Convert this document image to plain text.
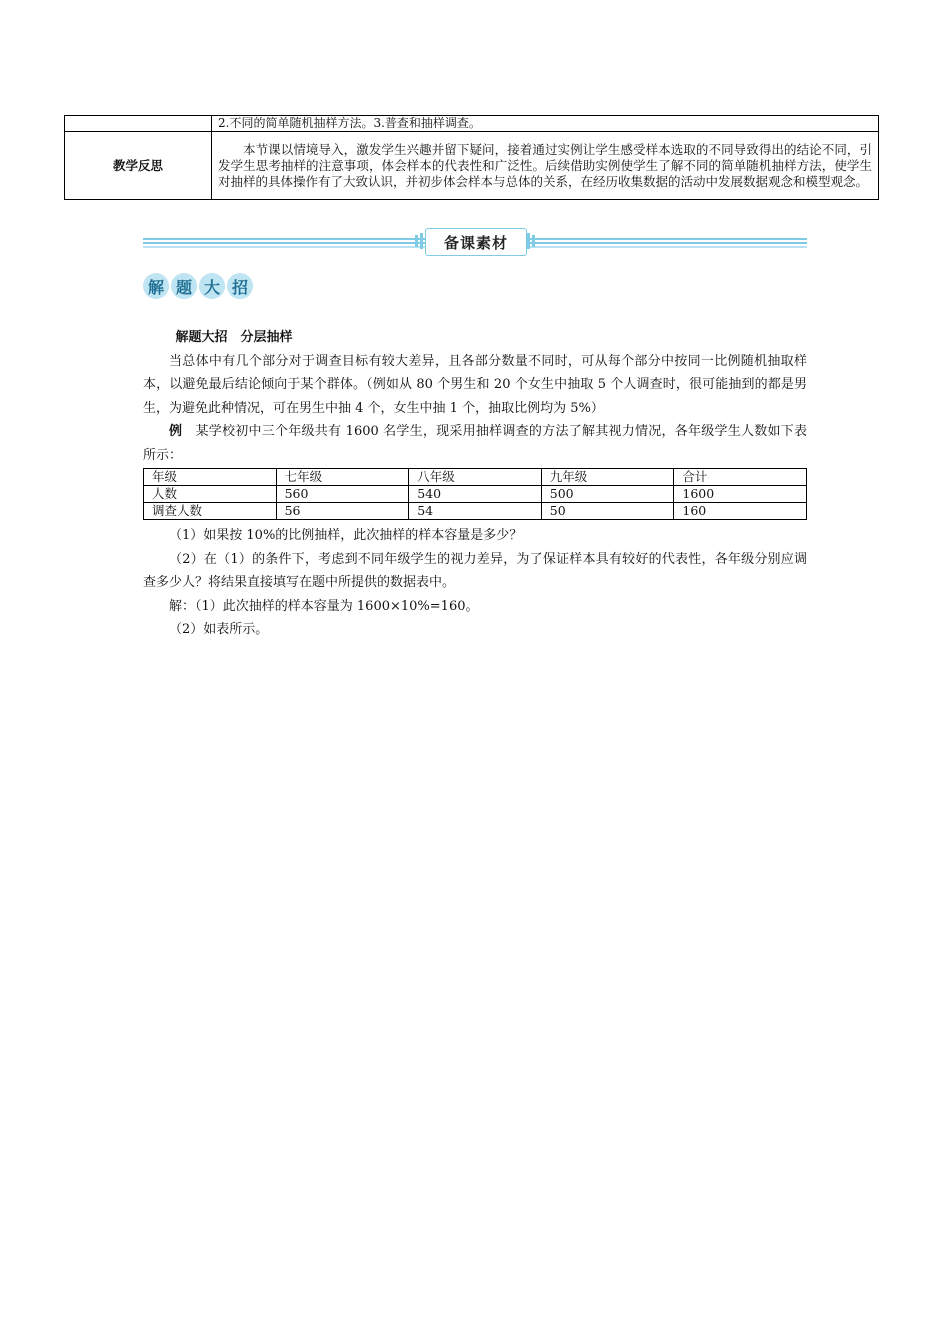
	2.不同的简单随机抽样方法。3.普查和抽样调查。
教学反思	本节课以情境导入，激发学生兴趣并留下疑问，接着通过实例让学生感受样本选取的不同导致得出的结论不同，引发学生思考抽样的注意事项，体会样本的代表性和广泛性。后续借助实例使学生了解不同的简单随机抽样方法，使学生对抽样的具体操作有了大致认识，并初步体会样本与总体的关系，在经历收集数据的活动中发展数据观念和模型观念。
备课素材
解 题 大 招

解题大招　分层抽样

当总体中有几个部分对于调查目标有较大差异，且各部分数量不同时，可从每个部分中按同一比例随机抽取样本，以避免最后结论倾向于某个群体。（例如从 80 个男生和 20 个女生中抽取 5 个人调查时，很可能抽到的都是男生，为避免此种情况，可在男生中抽 4 个，女生中抽 1 个，抽取比例均为 5%）

例　某学校初中三个年级共有 1600 名学生，现采用抽样调查的方法了解其视力情况，各年级学生人数如下表所示：

年级	七年级	八年级	九年级	合计
人数	560	540	500	1600
调查人数	56	54	50	160

（1）如果按 10%的比例抽样，此次抽样的样本容量是多少？

（2）在（1）的条件下，考虑到不同年级学生的视力差异，为了保证样本具有较好的代表性，各年级分别应调查多少人？将结果直接填写在题中所提供的数据表中。

解：（1）此次抽样的样本容量为 1600×10%=160。

（2）如表所示。
